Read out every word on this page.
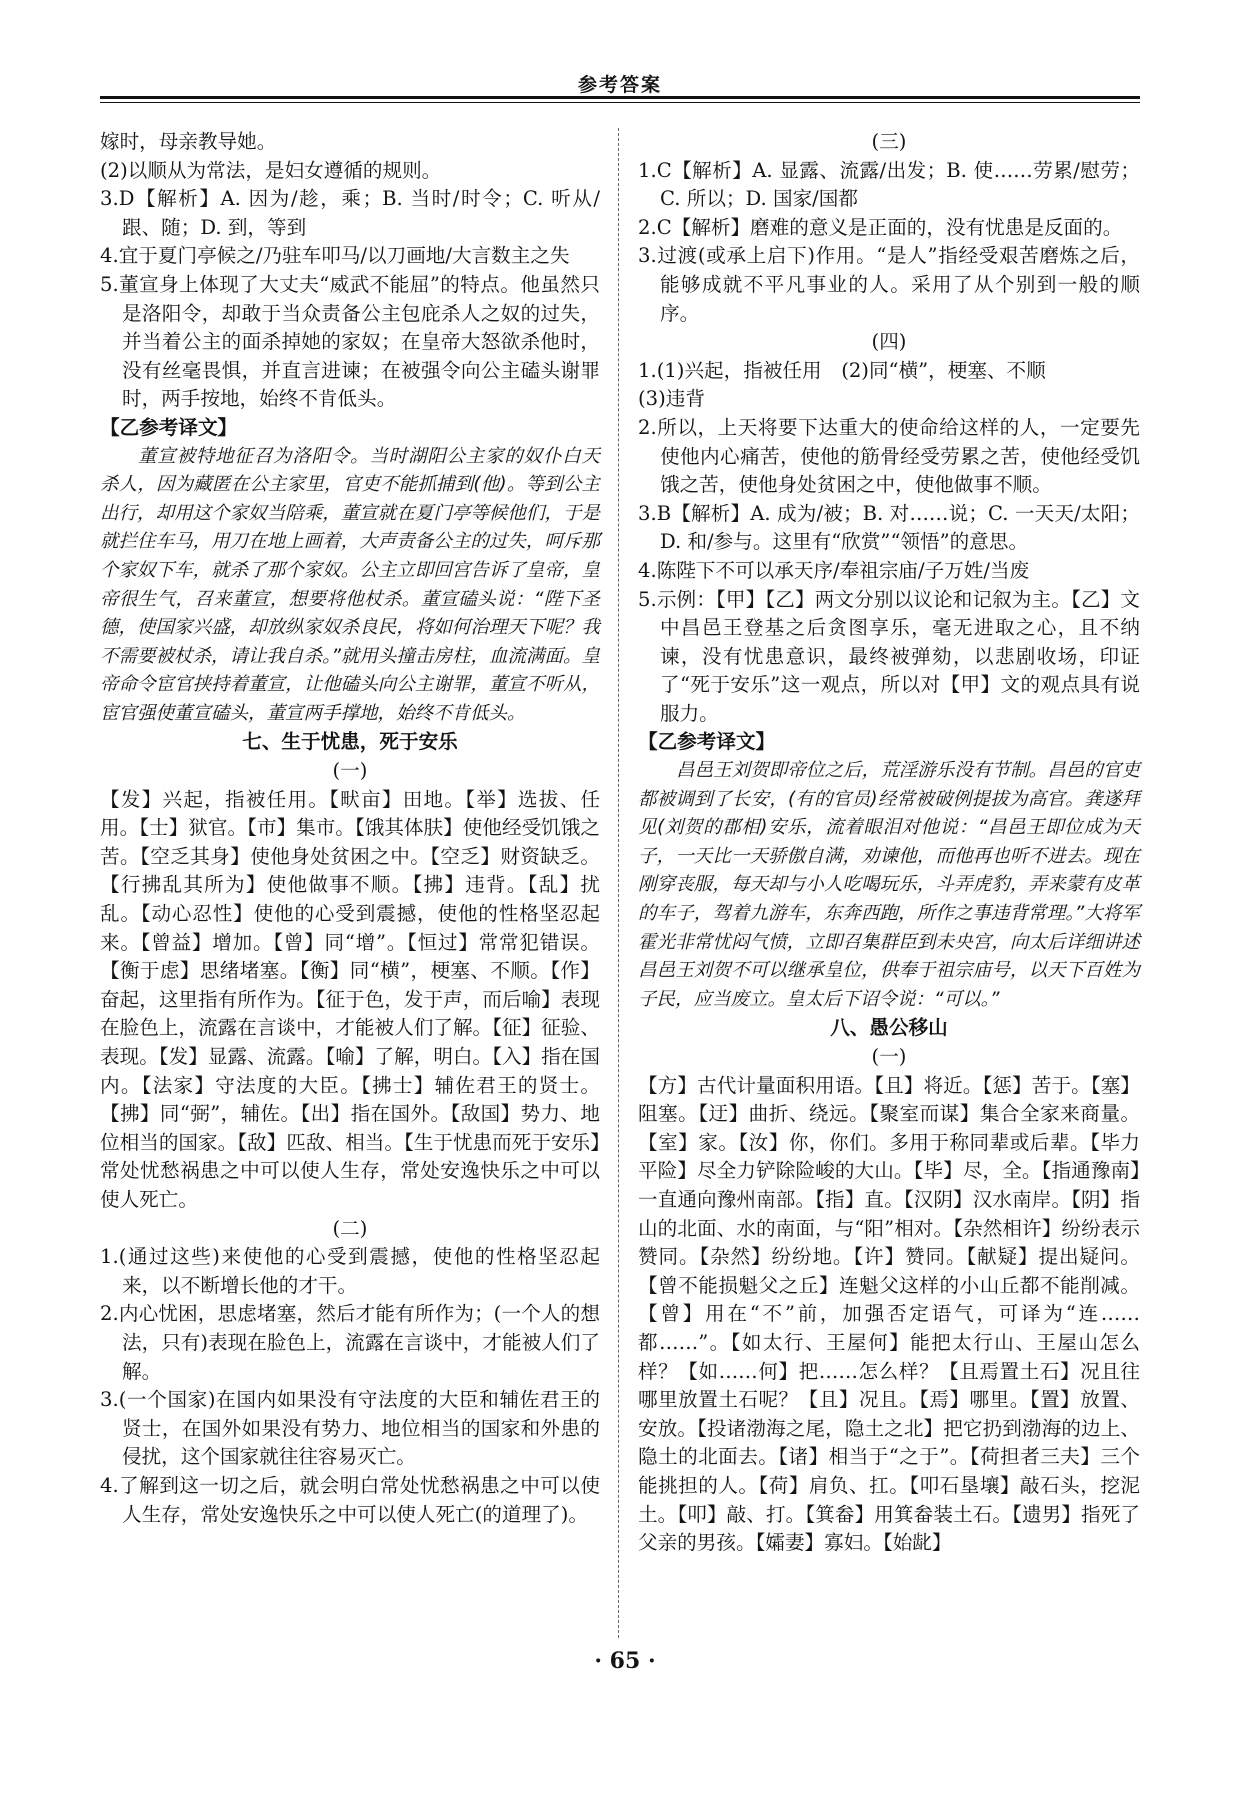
参考答案

嫁时，母亲教导她。

(2)以顺从为常法，是妇女遵循的规则。

3.D【解析】A. 因为/趁，乘；B. 当时/时令；C. 听从/跟、随；D. 到，等到

4.宜于夏门亭候之/乃驻车叩马/以刀画地/大言数主之失

5.董宣身上体现了大丈夫“威武不能屈”的特点。他虽然只是洛阳令，却敢于当众责备公主包庇杀人之奴的过失，并当着公主的面杀掉她的家奴；在皇帝大怒欲杀他时，没有丝毫畏惧，并直言进谏；在被强令向公主磕头谢罪时，两手按地，始终不肯低头。

【乙参考译文】

董宣被特地征召为洛阳令。当时湖阳公主家的奴仆白天杀人，因为藏匿在公主家里，官吏不能抓捕到(他)。等到公主出行，却用这个家奴当陪乘，董宣就在夏门亭等候他们，于是就拦住车马，用刀在地上画着，大声责备公主的过失，呵斥那个家奴下车，就杀了那个家奴。公主立即回宫告诉了皇帝，皇帝很生气，召来董宣，想要将他杖杀。董宣磕头说：“陛下圣德，使国家兴盛，却放纵家奴杀良民，将如何治理天下呢？我不需要被杖杀，请让我自杀。”就用头撞击房柱，血流满面。皇帝命令宦官挟持着董宣，让他磕头向公主谢罪，董宣不听从，宦官强使董宣磕头，董宣两手撑地，始终不肯低头。

七、生于忧患，死于安乐

(一)

【发】兴起，指被任用。【畎亩】田地。【举】选拔、任用。【士】狱官。【市】集市。【饿其体肤】使他经受饥饿之苦。【空乏其身】使他身处贫困之中。【空乏】财资缺乏。【行拂乱其所为】使他做事不顺。【拂】违背。【乱】扰乱。【动心忍性】使他的心受到震撼，使他的性格坚忍起来。【曾益】增加。【曾】同“增”。【恒过】常常犯错误。【衡于虑】思绪堵塞。【衡】同“横”，梗塞、不顺。【作】奋起，这里指有所作为。【征于色，发于声，而后喻】表现在脸色上，流露在言谈中，才能被人们了解。【征】征验、表现。【发】显露、流露。【喻】了解，明白。【入】指在国内。【法家】守法度的大臣。【拂士】辅佐君王的贤士。【拂】同“弼”，辅佐。【出】指在国外。【敌国】势力、地位相当的国家。【敌】匹敌、相当。【生于忧患而死于安乐】常处忧愁祸患之中可以使人生存，常处安逸快乐之中可以使人死亡。

(二)

1.(通过这些)来使他的心受到震撼，使他的性格坚忍起来，以不断增长他的才干。

2.内心忧困，思虑堵塞，然后才能有所作为；(一个人的想法，只有)表现在脸色上，流露在言谈中，才能被人们了解。

3.(一个国家)在国内如果没有守法度的大臣和辅佐君王的贤士，在国外如果没有势力、地位相当的国家和外患的侵扰，这个国家就往往容易灭亡。

4.了解到这一切之后，就会明白常处忧愁祸患之中可以使人生存，常处安逸快乐之中可以使人死亡(的道理了)。

(三)

1.C【解析】A. 显露、流露/出发；B. 使……劳累/慰劳；C. 所以；D. 国家/国都

2.C【解析】磨难的意义是正面的，没有忧患是反面的。

3.过渡(或承上启下)作用。“是人”指经受艰苦磨炼之后，能够成就不平凡事业的人。采用了从个别到一般的顺序。

(四)

1.(1)兴起，指被任用　(2)同“横”，梗塞、不顺

(3)违背

2.所以，上天将要下达重大的使命给这样的人，一定要先使他内心痛苦，使他的筋骨经受劳累之苦，使他经受饥饿之苦，使他身处贫困之中，使他做事不顺。

3.B【解析】A. 成为/被；B. 对……说；C. 一天天/太阳；D. 和/参与。这里有“欣赏”“领悟”的意思。

4.陈陛下不可以承天序/奉祖宗庙/子万姓/当废

5.示例：【甲】【乙】两文分别以议论和记叙为主。【乙】文中昌邑王登基之后贪图享乐，毫无进取之心，且不纳谏，没有忧患意识，最终被弹劾，以悲剧收场，印证了“死于安乐”这一观点，所以对【甲】文的观点具有说服力。

【乙参考译文】

昌邑王刘贺即帝位之后，荒淫游乐没有节制。昌邑的官吏都被调到了长安，(有的官员)经常被破例提拔为高官。龚遂拜见(刘贺的郡相)安乐，流着眼泪对他说：“昌邑王即位成为天子，一天比一天骄傲自满，劝谏他，而他再也听不进去。现在刚穿丧服，每天却与小人吃喝玩乐，斗弄虎豹，弄来蒙有皮革的车子，驾着九游车，东奔西跑，所作之事违背常理。”大将军霍光非常忧闷气愤，立即召集群臣到未央宫，向太后详细讲述昌邑王刘贺不可以继承皇位，供奉于祖宗庙号，以天下百姓为子民，应当废立。皇太后下诏令说：“可以。”

八、愚公移山

(一)

【方】古代计量面积用语。【且】将近。【惩】苦于。【塞】阻塞。【迂】曲折、绕远。【聚室而谋】集合全家来商量。【室】家。【汝】你，你们。多用于称同辈或后辈。【毕力平险】尽全力铲除险峻的大山。【毕】尽，全。【指通豫南】一直通向豫州南部。【指】直。【汉阴】汉水南岸。【阴】指山的北面、水的南面，与“阳”相对。【杂然相许】纷纷表示赞同。【杂然】纷纷地。【许】赞同。【献疑】提出疑问。【曾不能损魁父之丘】连魁父这样的小山丘都不能削减。【曾】用在“不”前，加强否定语气，可译为“连……都……”。【如太行、王屋何】能把太行山、王屋山怎么样？【如……何】把……怎么样？【且焉置土石】况且往哪里放置土石呢？【且】况且。【焉】哪里。【置】放置、安放。【投诸渤海之尾，隐土之北】把它扔到渤海的边上、隐土的北面去。【诸】相当于“之于”。【荷担者三夫】三个能挑担的人。【荷】肩负、扛。【叩石垦壤】敲石头，挖泥土。【叩】敲、打。【箕畚】用箕畚装土石。【遗男】指死了父亲的男孩。【孀妻】寡妇。【始龀】

· 65 ·
